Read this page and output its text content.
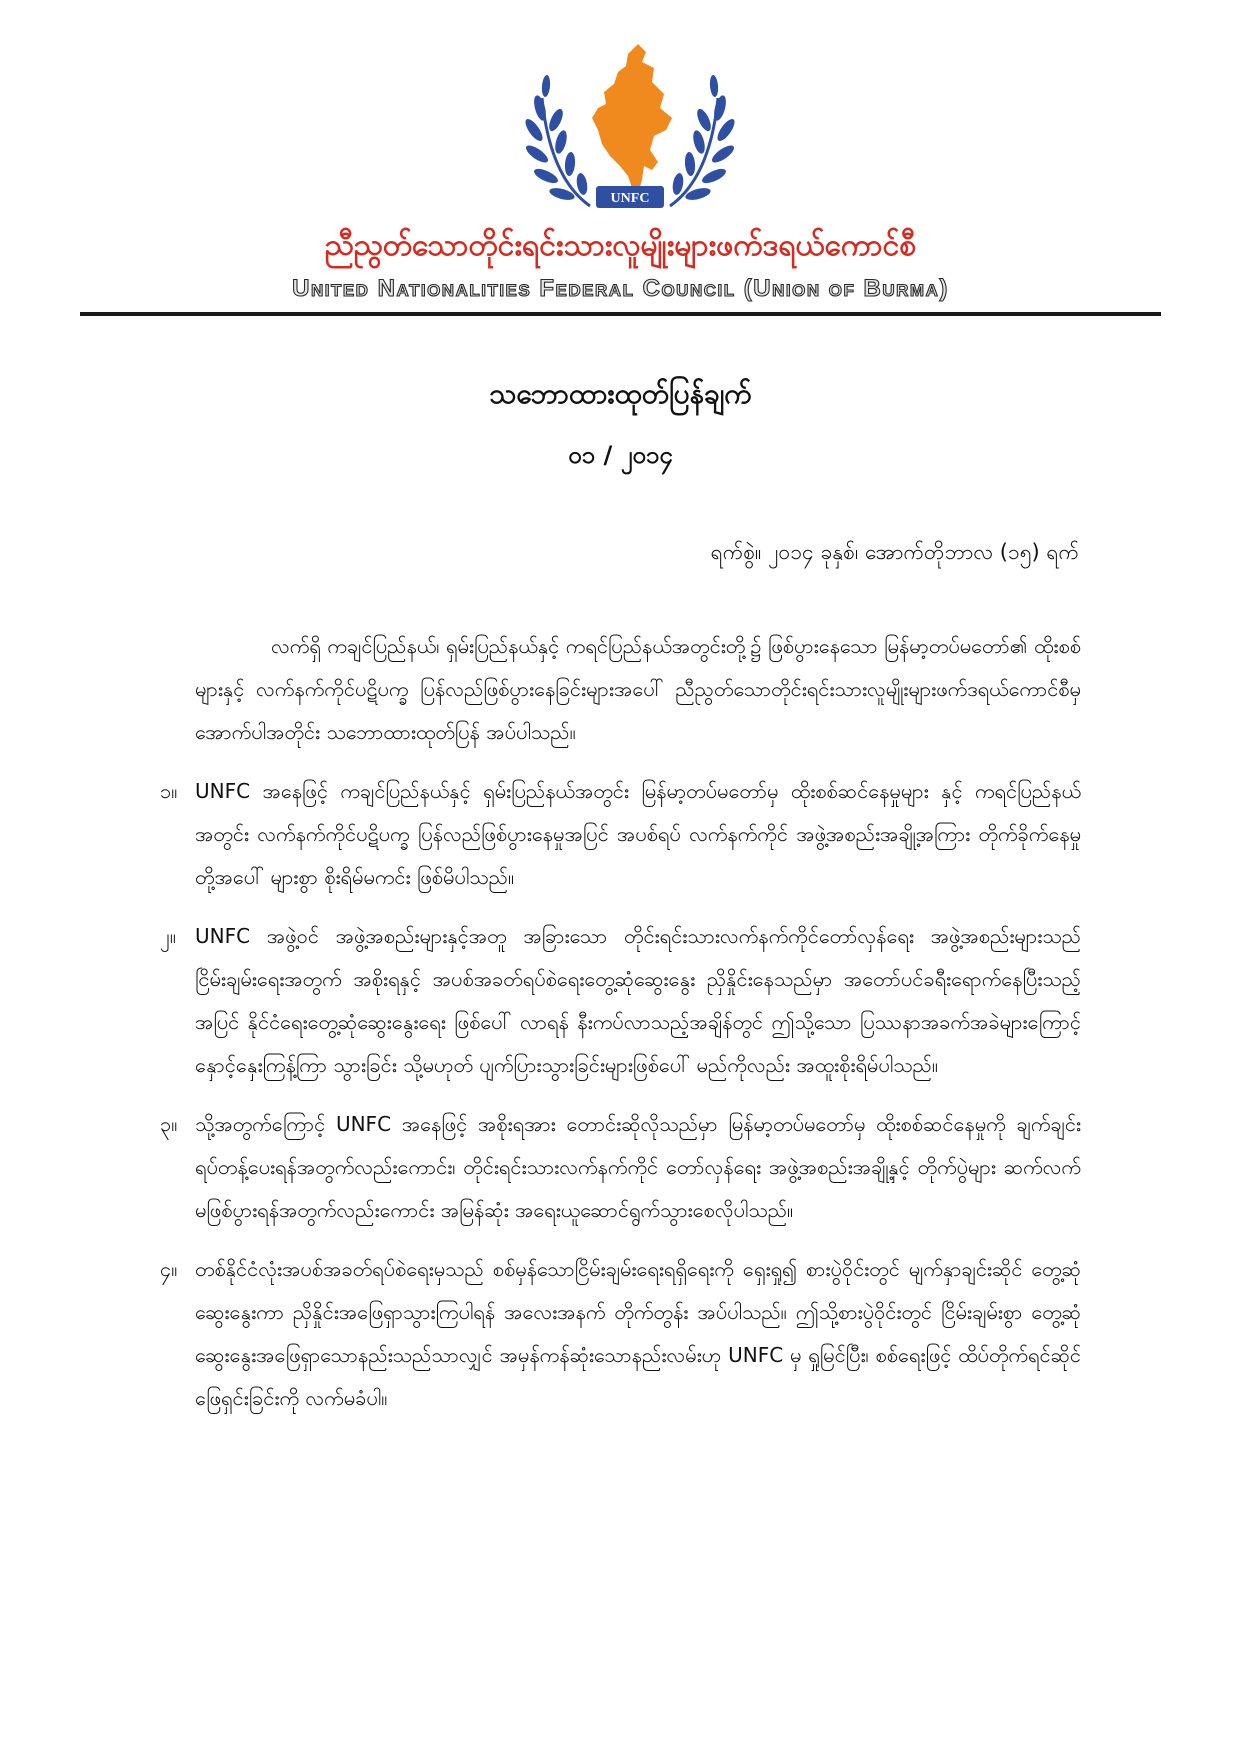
UNFC
ညီညွတ်သောတိုင်းရင်းသားလူမျိုးများဖက်ဒရယ်ကောင်စီ
United Nationalities Federal Council (Union of Burma)
သဘောထားထုတ်ပြန်ချက်
၀၁ / ၂၀၁၄
ရက်စွဲ။ ၂၀၁၄ ခုနှစ်၊ အောက်တိုဘာလ (၁၅) ရက်

လက်ရှိ ကချင်ပြည်နယ်၊ ရှမ်းပြည်နယ်နှင့် ကရင်ပြည်နယ်အတွင်းတို့၌ ဖြစ်ပွားနေသော မြန်မာ့တပ်မတော်၏ ထိုးစစ်များနှင့် လက်နက်ကိုင်ပဋိပက္ခ ပြန်လည်ဖြစ်ပွားနေခြင်းများအပေါ် ညီညွတ်သောတိုင်းရင်းသားလူမျိုးများဖက်ဒရယ်ကောင်စီမှ အောက်ပါအတိုင်း သဘောထားထုတ်ပြန် အပ်ပါသည်။

၁။ UNFC အနေဖြင့် ကချင်ပြည်နယ်နှင့် ရှမ်းပြည်နယ်အတွင်း မြန်မာ့တပ်မတော်မှ ထိုးစစ်ဆင်နေမှုများ နှင့် ကရင်ပြည်နယ်အတွင်း လက်နက်ကိုင်ပဋိပက္ခ ပြန်လည်ဖြစ်ပွားနေမှုအပြင် အပစ်ရပ် လက်နက်ကိုင် အဖွဲ့အစည်းအချို့အကြား တိုက်ခိုက်နေမှုတို့အပေါ် များစွာ စိုးရိမ်မကင်း ဖြစ်မိပါသည်။

၂။ UNFC အဖွဲ့ဝင် အဖွဲ့အစည်းများနှင့်အတူ အခြားသော တိုင်းရင်းသားလက်နက်ကိုင်တော်လှန်ရေး အဖွဲ့အစည်းများသည် ငြိမ်းချမ်းရေးအတွက် အစိုးရနှင့် အပစ်အခတ်ရပ်စဲရေးတွေ့ဆုံဆွေးနွေး ညှိနှိုင်းနေသည်မှာ အတော်ပင်ခရီးရောက်နေပြီးသည့်အပြင် နိုင်ငံရေးတွေ့ဆုံဆွေးနွေးရေး ဖြစ်ပေါ် လာရန် နီးကပ်လာသည့်အချိန်တွင် ဤသို့သော ပြဿနာအခက်အခဲများကြောင့် နှောင့်နှေးကြန့်ကြာ သွားခြင်း သို့မဟုတ် ပျက်ပြားသွားခြင်းများဖြစ်ပေါ် မည်ကိုလည်း အထူးစိုးရိမ်ပါသည်။

၃။ သို့အတွက်ကြောင့် UNFC အနေဖြင့် အစိုးရအား တောင်းဆိုလိုသည်မှာ မြန်မာ့တပ်မတော်မှ ထိုးစစ်ဆင်နေမှုကို ချက်ချင်းရပ်တန့်ပေးရန်အတွက်လည်းကောင်း၊ တိုင်းရင်းသားလက်နက်ကိုင် တော်လှန်ရေး အဖွဲ့အစည်းအချို့နှင့် တိုက်ပွဲများ ဆက်လက်မဖြစ်ပွားရန်အတွက်လည်းကောင်း အမြန်ဆုံး အရေးယူဆောင်ရွက်သွားစေလိုပါသည်။

၄။ တစ်နိုင်ငံလုံးအပစ်အခတ်ရပ်စဲရေးမှသည် စစ်မှန်သောငြိမ်းချမ်းရေးရရှိရေးကို ရှေးရှု၍ စားပွဲဝိုင်းတွင် မျက်နှာချင်းဆိုင် တွေ့ဆုံဆွေးနွေးကာ ညှိနှိုင်းအဖြေရှာသွားကြပါရန် အလေးအနက် တိုက်တွန်း အပ်ပါသည်။ ဤသို့စားပွဲဝိုင်းတွင် ငြိမ်းချမ်းစွာ တွေ့ဆုံဆွေးနွေးအဖြေရှာသောနည်းသည်သာလျှင် အမှန်ကန်ဆုံးသောနည်းလမ်းဟု UNFC မှ ရှုမြင်ပြီး၊ စစ်ရေးဖြင့် ထိပ်တိုက်ရင်ဆိုင်ဖြေရှင်းခြင်းကို လက်မခံပါ။
